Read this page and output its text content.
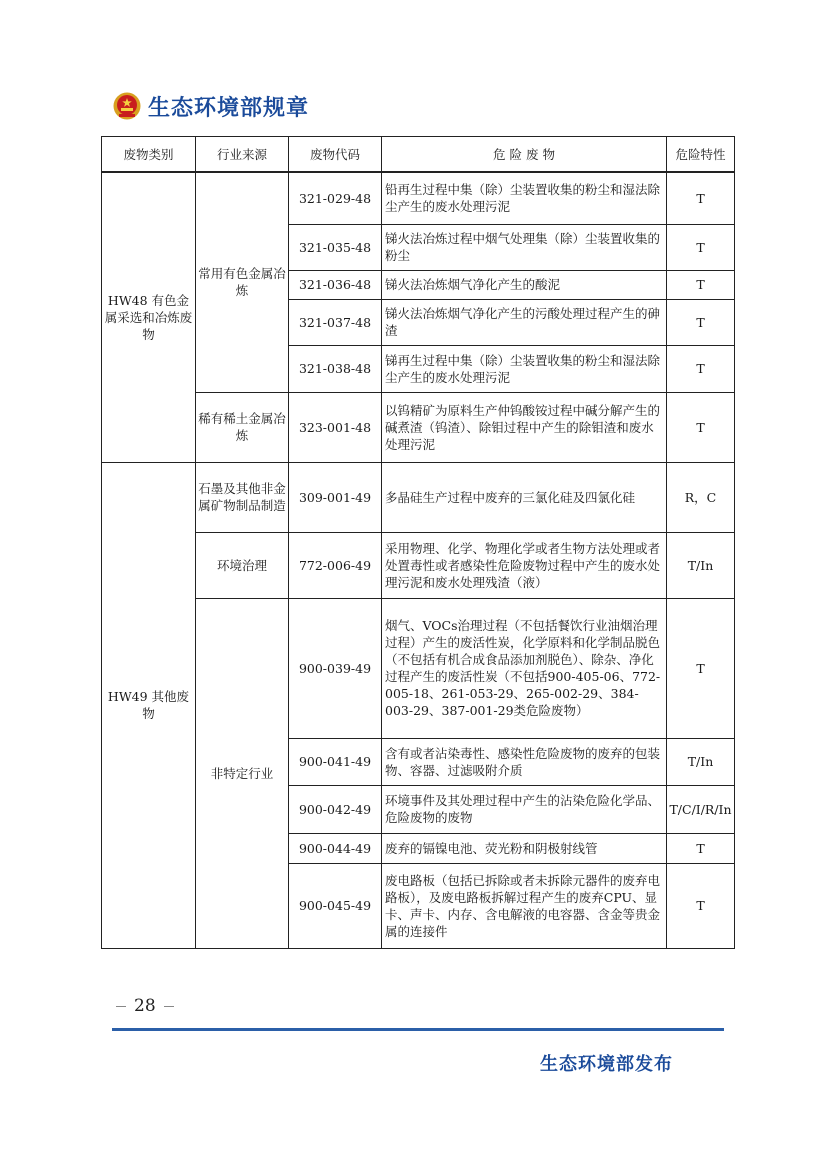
生态环境部规章
废物类别	行业来源	废物代码	危 险 废 物	危险特性
HW48 有色金属采选和冶炼废物	常用有色金属冶炼	321-029-48	铅再生过程中集（除）尘装置收集的粉尘和湿法除尘产生的废水处理污泥	T
		321-035-48	锑火法冶炼过程中烟气处理集（除）尘装置收集的粉尘	T
		321-036-48	锑火法冶炼烟气净化产生的酸泥	T
		321-037-48	锑火法冶炼烟气净化产生的污酸处理过程产生的砷渣	T
		321-038-48	锑再生过程中集（除）尘装置收集的粉尘和湿法除尘产生的废水处理污泥	T
	稀有稀土金属冶炼	323-001-48	以钨精矿为原料生产仲钨酸铵过程中碱分解产生的碱煮渣（钨渣）、除钼过程中产生的除钼渣和废水处理污泥	T
HW49 其他废物	石墨及其他非金属矿物制品制造	309-001-49	多晶硅生产过程中废弃的三氯化硅及四氯化硅	R，C
	环境治理	772-006-49	采用物理、化学、物理化学或者生物方法处理或者处置毒性或者感染性危险废物过程中产生的废水处理污泥和废水处理残渣（液）	T/In
	非特定行业	900-039-49	烟气、VOCs治理过程（不包括餐饮行业油烟治理过程）产生的废活性炭，化学原料和化学制品脱色（不包括有机合成食品添加剂脱色）、除杂、净化过程产生的废活性炭（不包括900-405-06、772-005-18、261-053-29、265-002-29、384-003-29、387-001-29类危险废物）	T
		900-041-49	含有或者沾染毒性、感染性危险废物的废弃的包装物、容器、过滤吸附介质	T/In
		900-042-49	环境事件及其处理过程中产生的沾染危险化学品、危险废物的废物	T/C/I/R/In
		900-044-49	废弃的镉镍电池、荧光粉和阴极射线管	T
		900-045-49	废电路板（包括已拆除或者未拆除元器件的废弃电路板），及废电路板拆解过程产生的废弃CPU、显卡、声卡、内存、含电解液的电容器、含金等贵金属的连接件	T
28
生态环境部发布
